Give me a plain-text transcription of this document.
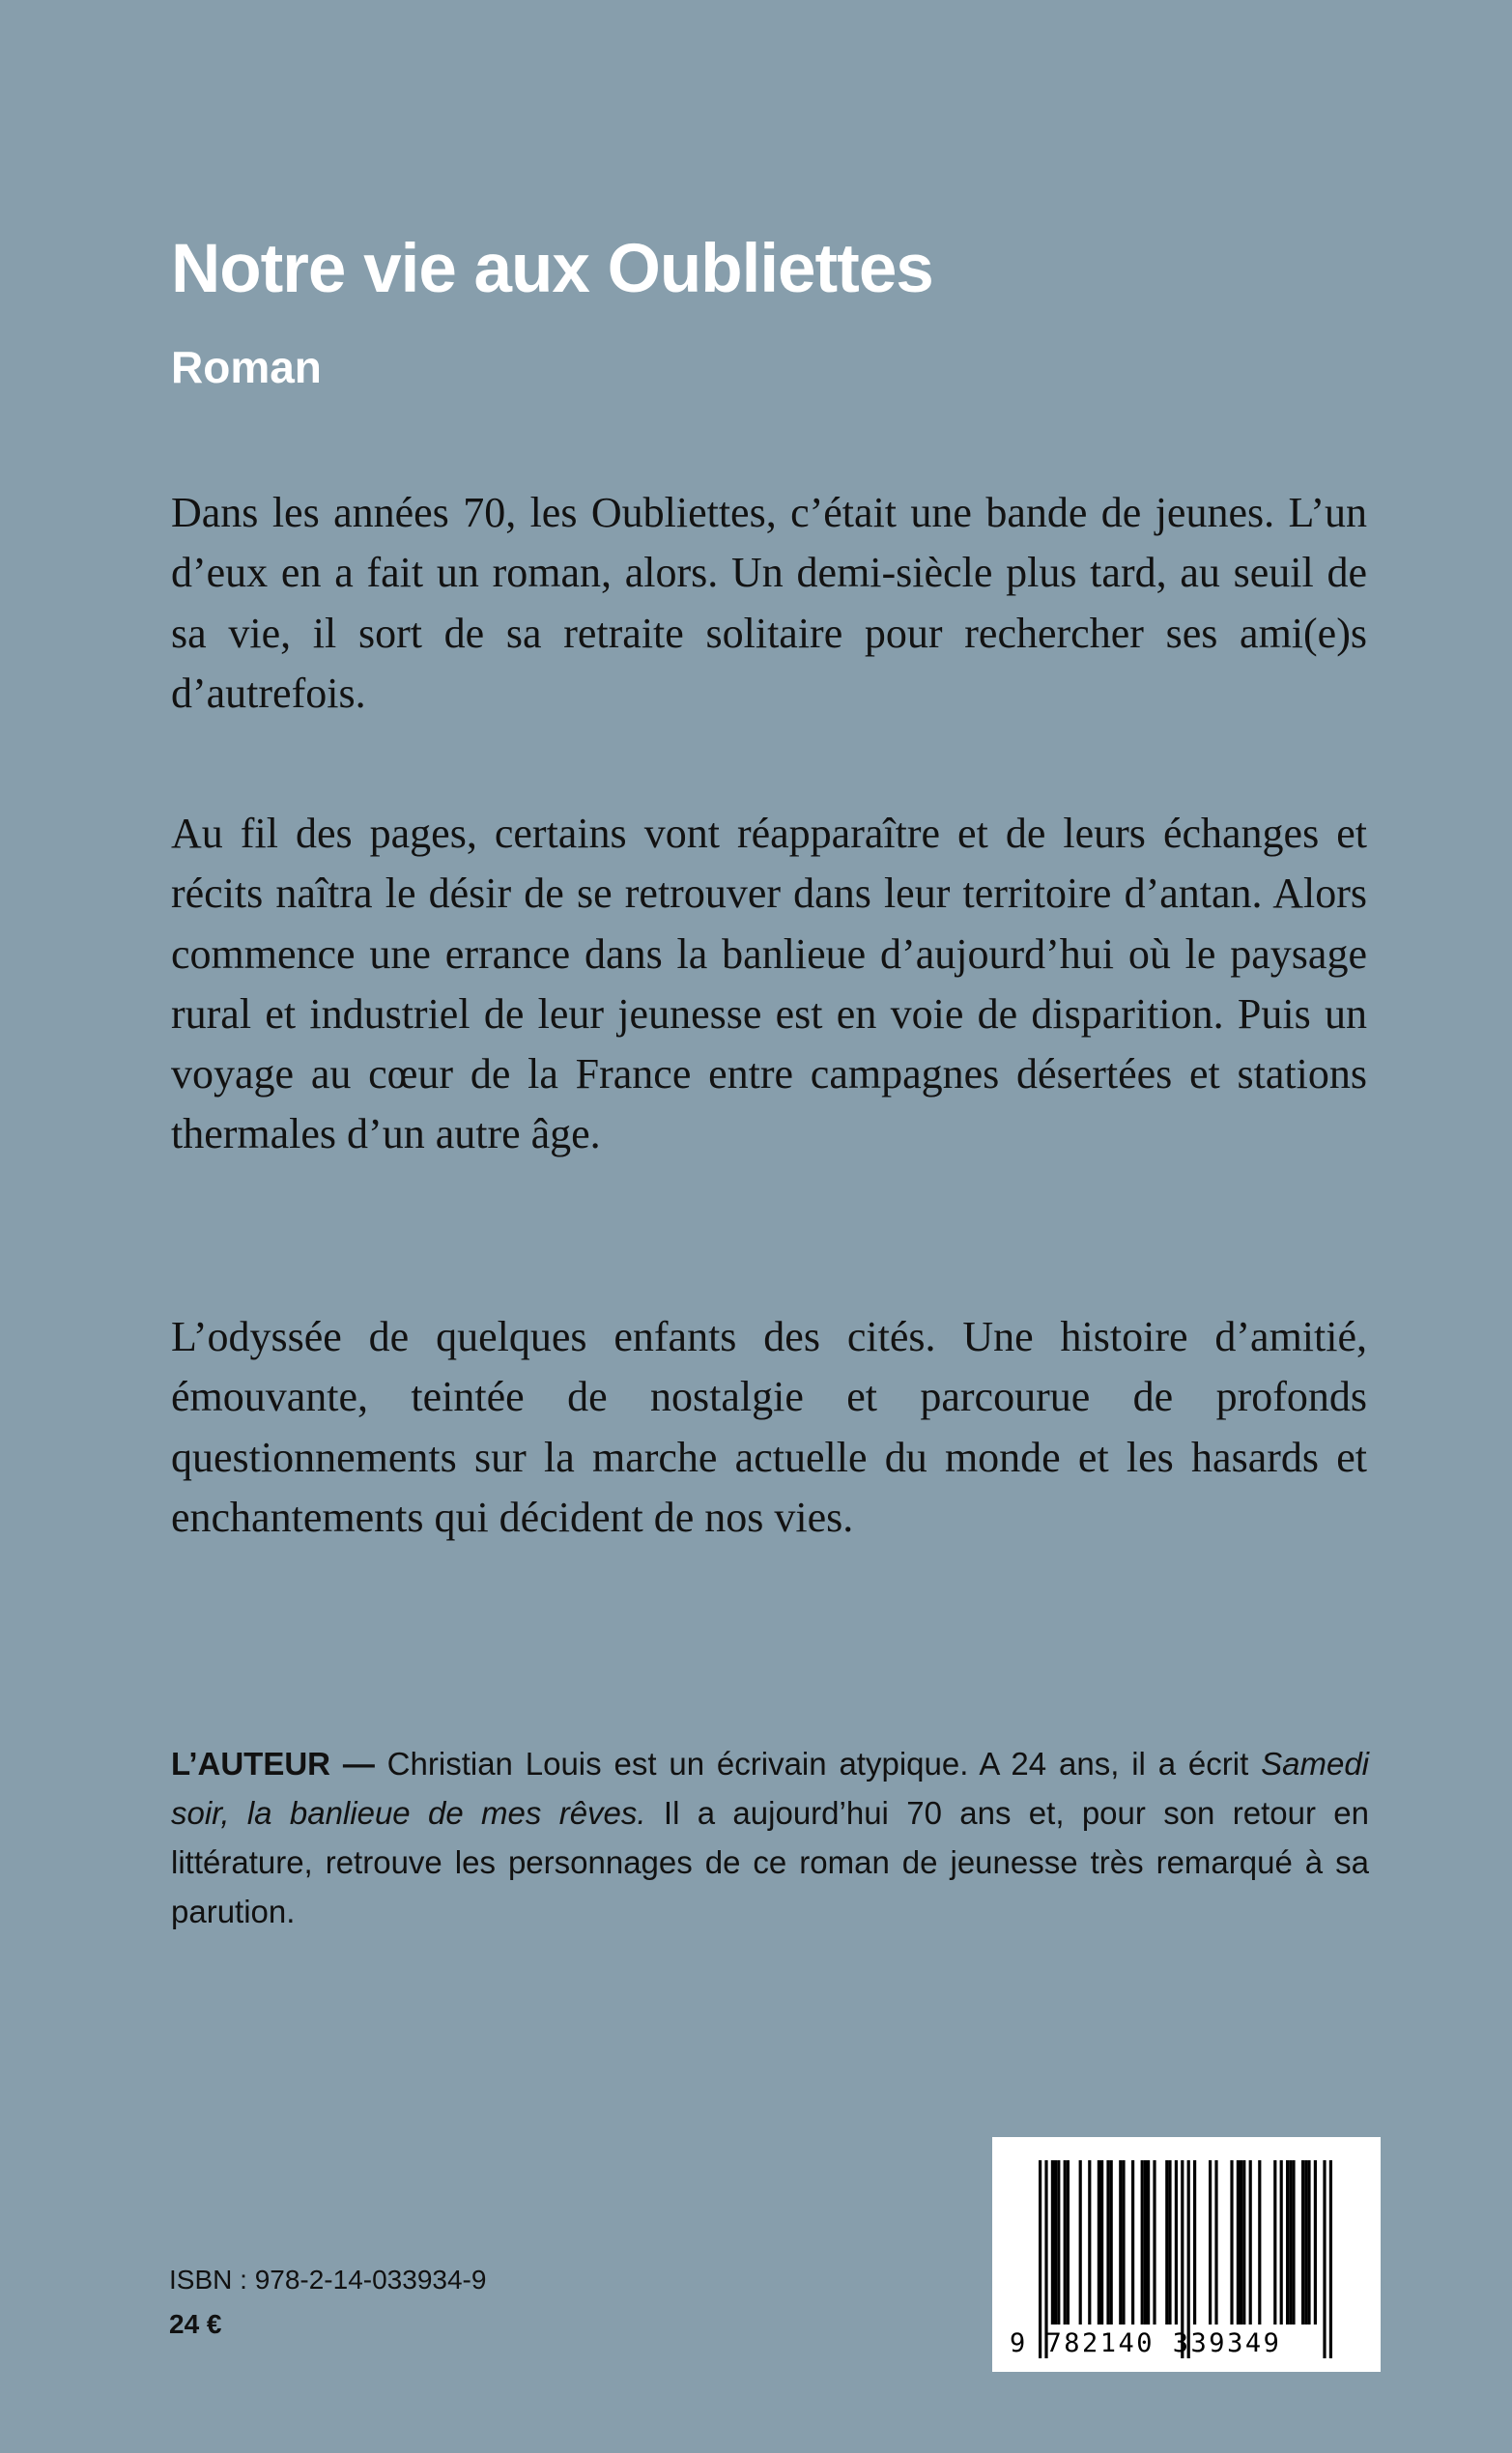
Notre vie aux Oubliettes
Roman

Dans les années 70, les Oubliettes, c’était une bande de jeunes. L’un d’eux en a fait un roman, alors. Un demi-siècle plus tard, au seuil de sa vie, il sort de sa retraite solitaire pour rechercher ses ami(e)s d’autrefois.

Au fil des pages, certains vont réapparaître et de leurs échanges et récits naîtra le désir de se retrouver dans leur territoire d’antan. Alors commence une errance dans la banlieue d’aujourd’hui où le paysage rural et industriel de leur jeunesse est en voie de disparition. Puis un voyage au cœur de la France entre campagnes désertées et stations thermales d’un autre âge.

L’odyssée de quelques enfants des cités. Une histoire d’amitié, émouvante, teintée de nostalgie et parcourue de profonds questionnements sur la marche actuelle du monde et les hasards et enchantements qui décident de nos vies.

L’AUTEUR — Christian Louis est un écrivain atypique. A 24 ans, il a écrit Samedi soir, la banlieue de mes rêves. Il a aujourd’hui 70 ans et, pour son retour en littérature, retrouve les personnages de ce roman de jeunesse très remarqué à sa parution.

ISBN : 978-2-14-033934-9

24 €

9 782140 339349
